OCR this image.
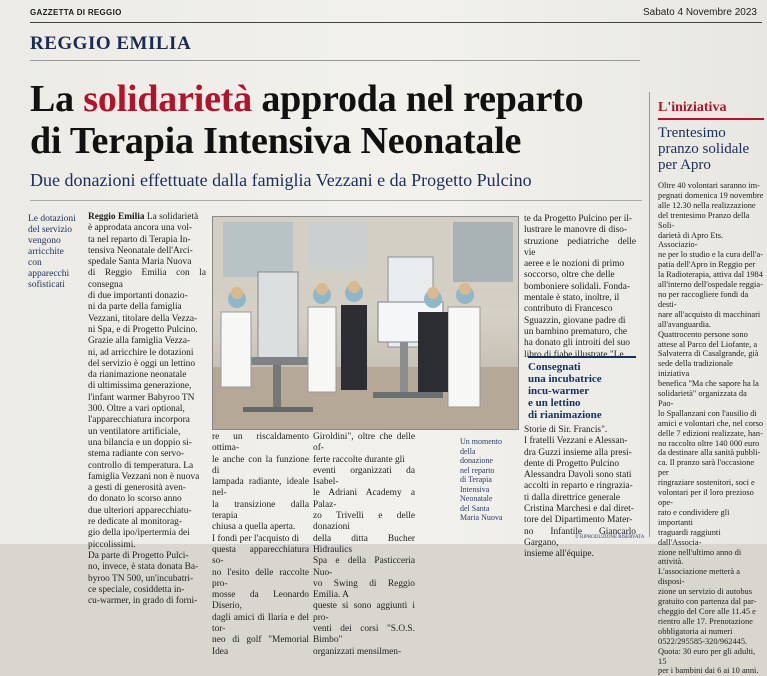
GAZZETTA DI REGGIO	Sabato 4 Novembre 2023
REGGIO EMILIA
La solidarietà approda nel reparto
di Terapia Intensiva Neonatale
Due donazioni effettuate dalla famiglia Vezzani e da Progetto Pulcino
Le dotazioni
del servizio
vengono
arricchite
con
apparecchi
sofisticati

Reggio Emilia La solidarietà

è approdata ancora una vol-
ta nel reparto di Terapia In-
tensiva Neonatale dell'Arci-
spedale Santa Maria Nuova
di Reggio Emilia con la consegna
di due importanti donazio-
ni da parte della famiglia
Vezzani, titolare della Vezza-
ni Spa, e di Progetto Pulcino.
Grazie alla famiglia Vezza-
ni, ad arricchire le dotazioni
del servizio è oggi un lettino
da rianimazione neonatale
di ultimissima generazione,
l'infant warmer Babyroo TN
300. Oltre a vari optional,
l'apparecchiatura incorpora
un ventilatore artificiale,
una bilancia e un doppio si-
stema radiante con servo-
controllo di temperatura. La
famiglia Vezzani non è nuova
a gesti di generosità aven-
do donato lo scorso anno
due ulteriori apparecchiatu-
re dedicate al monitorag-
gio della ipo/ipertermia dei
piccolissimi.
Da parte di Progetto Pulci-
no, invece, è stata donata Ba-
byroo TN 500, un'incubatri-
ce speciale, cosiddetta in-
cu-warmer, in grado di forni-
re un riscaldamento ottima-
le anche con la funzione di
lampada radiante, ideale nel-
la transizione dalla terapia
chiusa a quella aperta.
I fondi per l'acquisto di
questa apparecchiatura so-
no l'esito delle raccolte pro-
mosse da Leonardo Diserio,
dagli amici di Ilaria e del tor-
neo di golf "Memorial Idea
Giroldini", oltre che delle of-
ferte raccolte durante gli
eventi organizzati da Isabel-
le Adriani Academy a Palaz-
zo Trivelli e delle donazioni
della ditta Bucher Hidraulics
Spa e della Pasticceria Nuo-
vo Swing di Reggio Emilia. A
queste si sono aggiunti i pro-
venti dei corsi "S.O.S. Bimbo"
organizzati mensilmen-
Un momento
della
donazione
nel reparto
di Terapia
Intensiva
Neonatale
del Santa
Maria Nuova
te da Progetto Pulcino per il-
lustrare le manovre di diso-
struzione pediatriche delle vie
aeree e le nozioni di primo
soccorso, oltre che delle
bomboniere solidali. Fonda-
mentale è stato, inoltre, il
contributo di Francesco
Sguazzin, giovane padre di
un bambino prematuro, che
ha donato gli introiti del suo
libro di fiabe illustrate "Le
Consegnati
una incubatrice
incu-warmer
e un lettino
di rianimazione
Storie di Sir. Francis".
I fratelli Vezzani e Alessan-
dra Guzzi insieme alla presi-
dente di Progetto Pulcino
Alessandra Davoli sono stati
accolti in reparto e ringrazia-
ti dalla direttrice generale
Cristina Marchesi e dal diret-
tore del Dipartimento Mater-
no Infantile Giancarlo Gargano,
insieme all'équipe.
© RIPRODUZIONE RISERVATA
L'iniziativa
Trentesimo
pranzo solidale
per Apro
Oltre 40 volontari saranno im-
pegnati domenica 19 novembre
alle 12.30 nella realizzazione
del trentesimo Pranzo della Soli-
darietà di Apro Ets. Associazio-
ne per lo studio e la cura dell'a-
patia dell'Apro in Reggio per
la Radioterapia, attiva dal 1984
all'interno dell'ospedale reggia-
no per raccogliere fondi da desti-
nare all'acquisto di macchinari
all'avanguardia.
Quattrocento persone sono
attese al Parco del Liofante, a
Salvaterra di Casalgrande, già
sede della tradizionale iniziativa
benefica "Ma che sapore ha la
solidarietà" organizzata da Pao-
lo Spallanzani con l'ausilio di
amici e volontari che, nel corso
delle 7 edizioni realizzate, han-
no raccolto oltre 140 000 euro
da destinare alla sanità pubbli-
ca. Il pranzo sarà l'occasione per
ringraziare sostenitori, soci e
volontari per il loro prezioso ope-
rato e condividere gli importanti
traguardi raggiunti dall'Associa-
zione nell'ultimo anno di attività.
L'associazione metterà a disposi-
zione un servizio di autobus
gratuito con partenza dal par-
cheggio del Core alle 11.45 e
rientro alle 17. Prenotazione
obbligatoria ai numeri
0522/295585-320/962445.
Quota: 30 euro per gli adulti, 15
per i bambini dai 6 ai 10 anni.
